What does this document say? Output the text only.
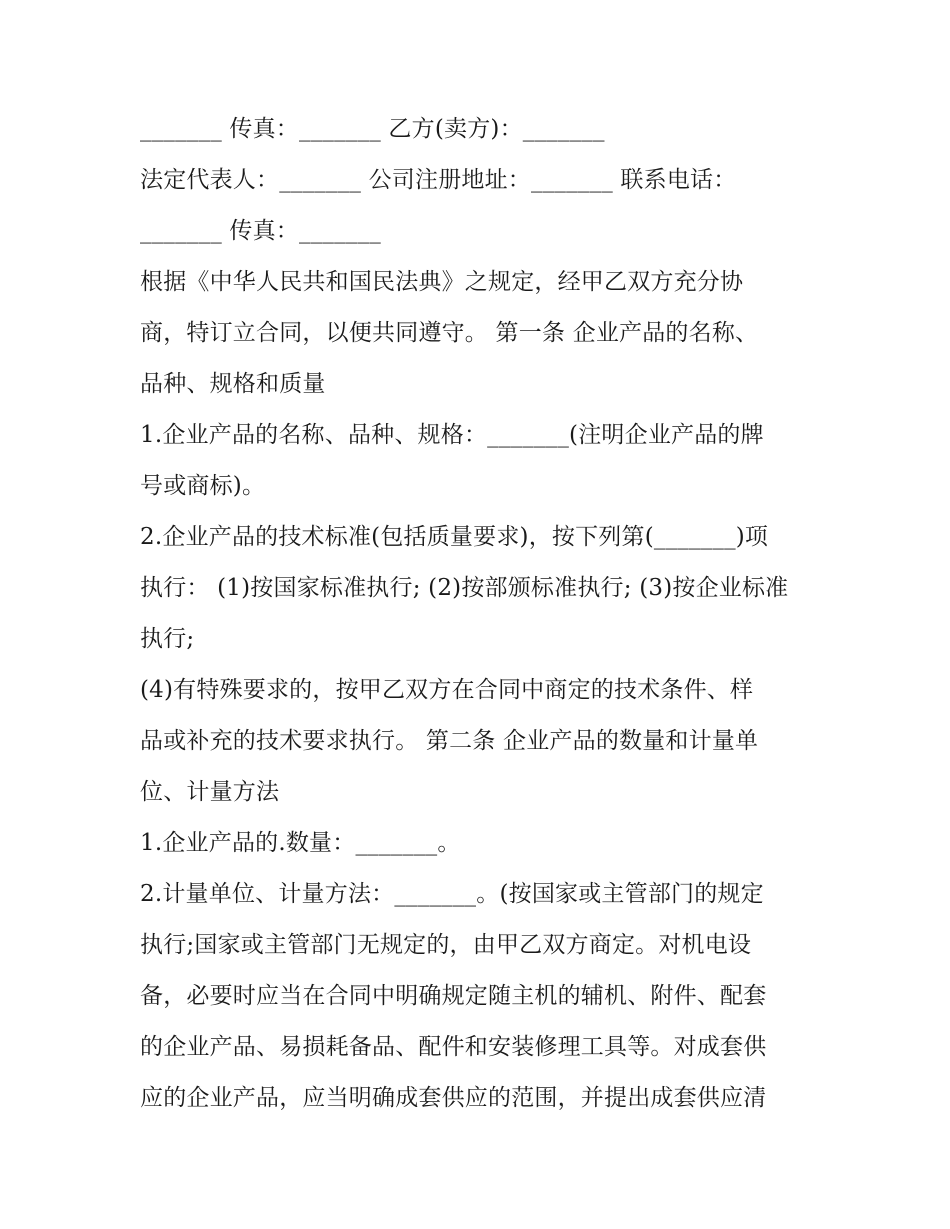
_______ 传真：_______ 乙方(卖方)：_______
法定代表人：_______ 公司注册地址：_______ 联系电话：
_______ 传真：_______
根据《中华人民共和国民法典》之规定，经甲乙双方充分协
商，特订立合同，以便共同遵守。 第一条 企业产品的名称、
品种、规格和质量
1.企业产品的名称、品种、规格：_______(注明企业产品的牌
号或商标)。
2.企业产品的技术标准(包括质量要求)，按下列第(_______)项
执行： (1)按国家标准执行; (2)按部颁标准执行; (3)按企业标准
执行;
(4)有特殊要求的，按甲乙双方在合同中商定的技术条件、样
品或补充的技术要求执行。 第二条 企业产品的数量和计量单
位、计量方法
1.企业产品的.数量：_______。
2.计量单位、计量方法：_______。(按国家或主管部门的规定
执行;国家或主管部门无规定的，由甲乙双方商定。对机电设
备，必要时应当在合同中明确规定随主机的辅机、附件、配套
的企业产品、易损耗备品、配件和安装修理工具等。对成套供
应的企业产品，应当明确成套供应的范围，并提出成套供应清
